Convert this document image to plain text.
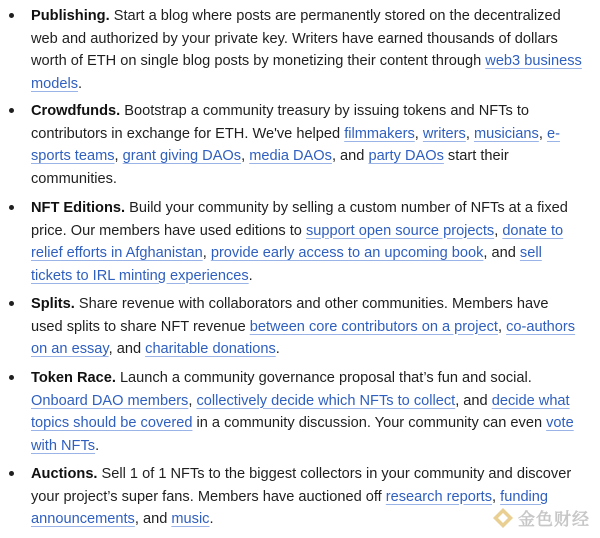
Publishing. Start a blog where posts are permanently stored on the decentralized web and authorized by your private key. Writers have earned thousands of dollars worth of ETH on single blog posts by monetizing their content through web3 business models.
Crowdfunds. Bootstrap a community treasury by issuing tokens and NFTs to contributors in exchange for ETH. We've helped filmmakers, writers, musicians, e-sports teams, grant giving DAOs, media DAOs, and party DAOs start their communities.
NFT Editions. Build your community by selling a custom number of NFTs at a fixed price. Our members have used editions to support open source projects, donate to relief efforts in Afghanistan, provide early access to an upcoming book, and sell tickets to IRL minting experiences.
Splits. Share revenue with collaborators and other communities. Members have used splits to share NFT revenue between core contributors on a project, co-authors on an essay, and charitable donations.
Token Race. Launch a community governance proposal that’s fun and social. Onboard DAO members, collectively decide which NFTs to collect, and decide what topics should be covered in a community discussion. Your community can even vote with NFTs.
Auctions. Sell 1 of 1 NFTs to the biggest collectors in your community and discover your project’s super fans. Members have auctioned off research reports, funding announcements, and music.	金色财经
